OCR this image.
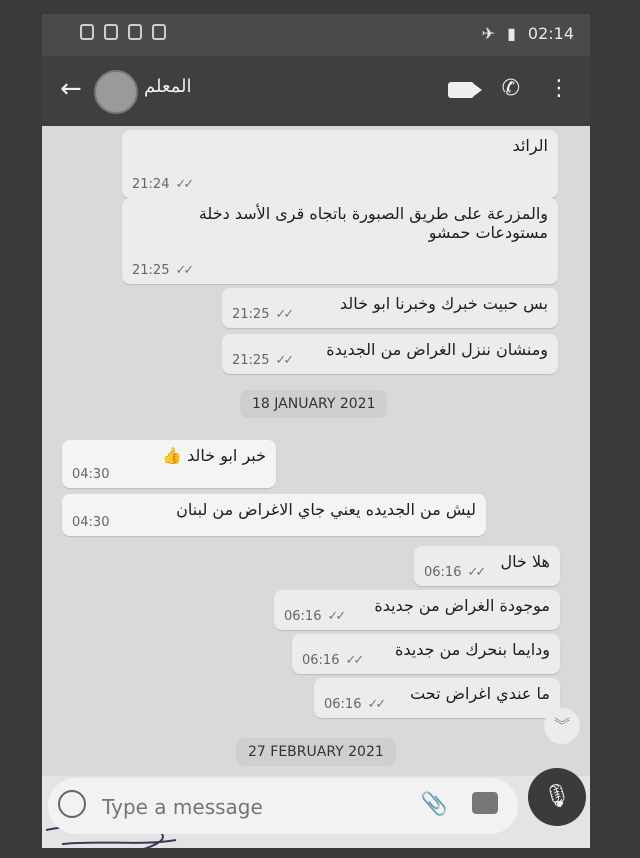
✈ ▮ 02:14
←	المعلم	✆ ⋮
الرائد
21:24 ✓✓
والمزرعة على طريق الصبورة باتجاه قرى الأسد دخلة مستودعات حمشو
21:25 ✓✓
بس حبيت خبرك وخبرنا ابو خالد
21:25 ✓✓
ومنشان ننزل الغراض من الجديدة
21:25 ✓✓
18 JANUARY 2021
خبر ابو خالد 👍
04:30
ليش من الجديده يعني جاي الاغراض من لبنان
04:30
هلا خال
06:16 ✓✓
موجودة الغراض من جديدة
06:16 ✓✓
ودايما بنحرك من جديدة
06:16 ✓✓
ما عندي اغراض تحت
06:16 ✓✓
︾
27 FEBRUARY 2021
Type a message
📎	🎙
